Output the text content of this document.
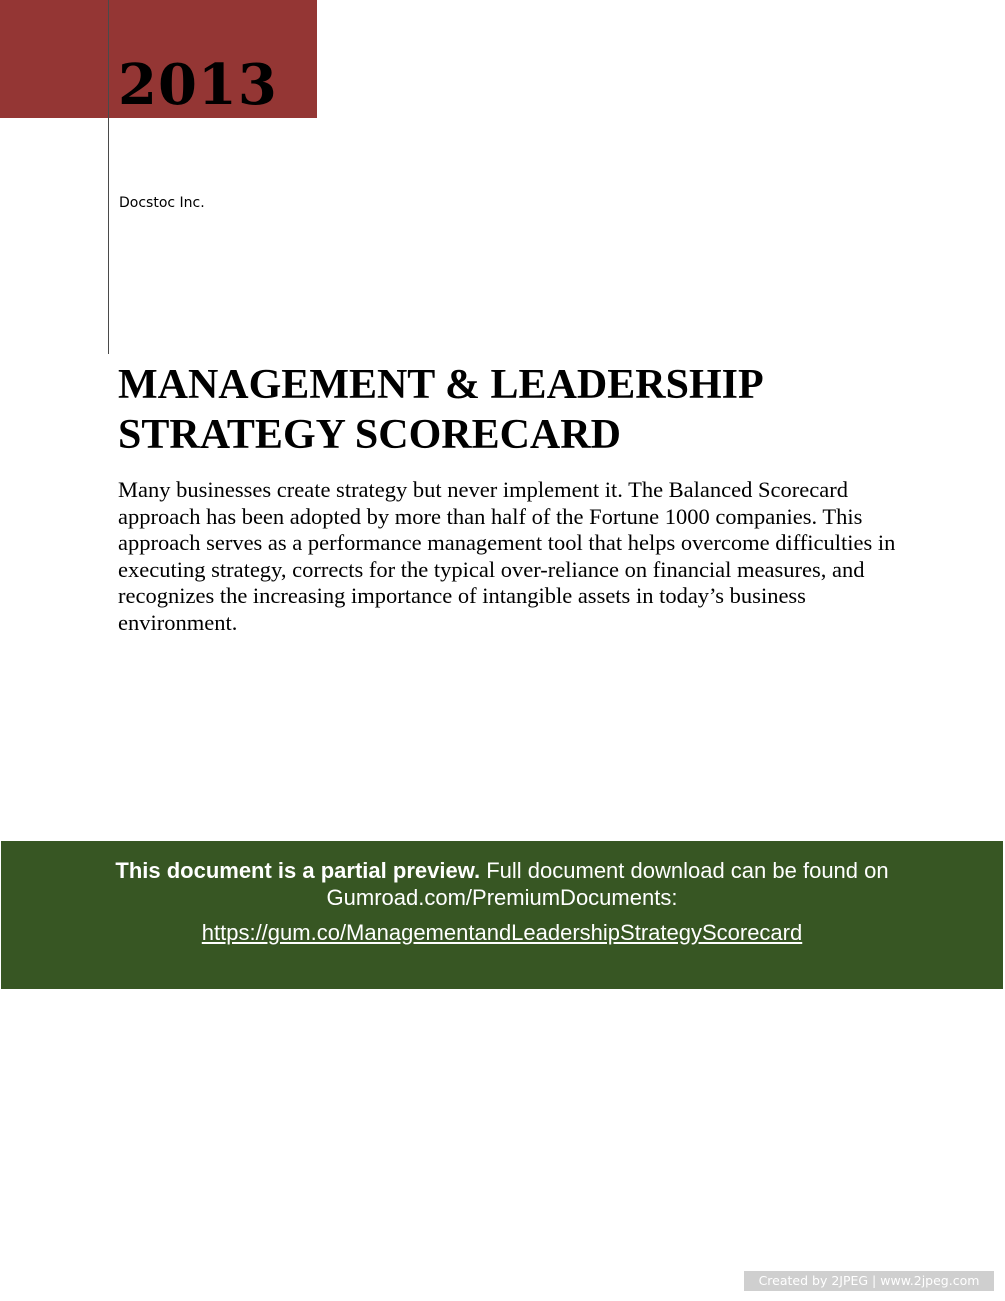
2013
Docstoc Inc.
MANAGEMENT & LEADERSHIP
STRATEGY SCORECARD

Many businesses create strategy but never implement it. The Balanced Scorecard approach has been adopted by more than half of the Fortune 1000 companies. This approach serves as a performance management tool that helps overcome difficulties in executing strategy, corrects for the typical over-reliance on financial measures, and recognizes the increasing importance of intangible assets in today’s business environment.

This document is a partial preview. Full document download can be found on Gumroad.com/PremiumDocuments:
https://gum.co/ManagementandLeadershipStrategyScorecard
Created by 2JPEG | www.2jpeg.com
